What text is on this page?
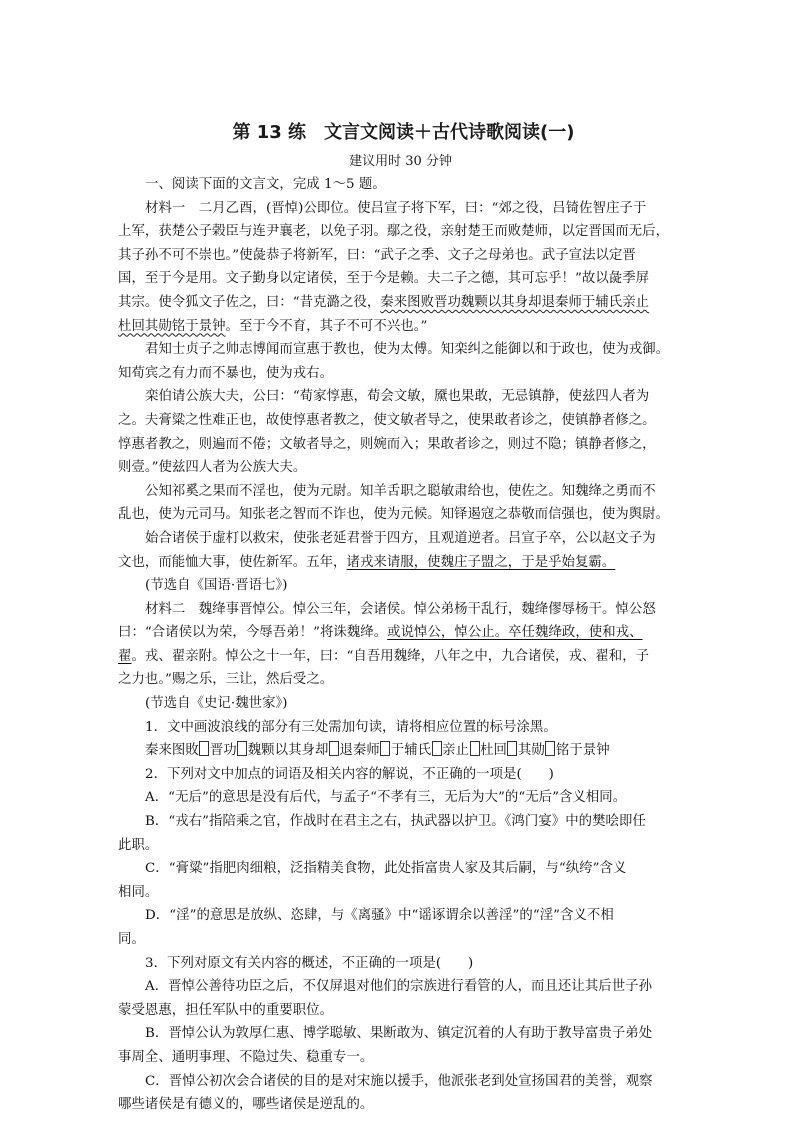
第 13 练　文言文阅读＋古代诗歌阅读(一)
建议用时 30 分钟
一、阅读下面的文言文，完成 1～5 题。
材料一　二月乙酉，(晋悼)公即位。使吕宣子将下军，曰：“郊之役，吕锜佐智庄子于
上军，获楚公子榖臣与连尹襄老，以免子羽。鄢之役，亲射楚王而败楚师，以定晋国而无后，
其子孙不可不崇也。”使彘恭子将新军，曰：“武子之季、文子之母弟也。武子宣法以定晋
国，至于今是用。文子勤身以定诸侯，至于今是赖。夫二子之德，其可忘乎！”故以彘季屏
其宗。使令狐文子佐之，曰：“昔克潞之役，秦来图败晋功魏颗以其身却退秦师于辅氏亲止
杜回其勋铭于景钟。至于今不育，其子不可不兴也。”
君知士贞子之帅志博闻而宣惠于教也，使为太傅。知栾纠之能御以和于政也，使为戎御。
知荀宾之有力而不暴也，使为戎右。
栾伯请公族大夫，公曰：“荀家惇惠，荀会文敏，黡也果敢，无忌镇静，使兹四人者为
之。夫膏粱之性难正也，故使惇惠者教之，使文敏者导之，使果敢者诊之，使镇静者修之。
惇惠者教之，则遍而不倦；文敏者导之，则婉而入；果敢者诊之，则过不隐；镇静者修之，
则壹。”使兹四人者为公族大夫。
公知祁奚之果而不淫也，使为元尉。知羊舌职之聪敏肃给也，使佐之。知魏绛之勇而不
乱也，使为元司马。知张老之智而不诈也，使为元候。知铎遏寇之恭敬而信强也，使为舆尉。
始合诸侯于虚朾以救宋，使张老延君誉于四方，且观道逆者。吕宣子卒，公以赵文子为
文也，而能恤大事，使佐新军。五年，诸戎来请服，使魏庄子盟之，于是乎始复霸。
(节选自《国语·晋语七》)
材料二　魏绛事晋悼公。悼公三年，会诸侯。悼公弟杨干乱行，魏绛僇辱杨干。悼公怒
曰：“合诸侯以为荣，今辱吾弟！”将诛魏绛。或说悼公，悼公止。卒任魏绛政，使和戎、
翟。戎、翟亲附。悼公之十一年，曰：“自吾用魏绛，八年之中，九合诸侯，戎、翟和，子
之力也。”赐之乐，三让，然后受之。
(节选自《史记·魏世家》)
1．文中画波浪线的部分有三处需加句读，请将相应位置的标号涂黑。
秦来图敗 晋功 魏颗以其身却 退秦师 于辅氏 亲止 杜回 其勋 铭于景钟
2．下列对文中加点的词语及相关内容的解说，不正确的一项是(　　)
A．“无后”的意思是没有后代，与孟子“不孝有三，无后为大”的“无后”含义相同。
B．“戎右”指陪乘之官，作战时在君主之右，执武器以护卫。《鸿门宴》中的樊哙即任
此职。
C．“膏粱”指肥肉细粮，泛指精美食物，此处指富贵人家及其后嗣，与“纨绔”含义
相同。
D．“淫”的意思是放纵、恣肆，与《离骚》中“谣诼谓余以善淫”的“淫”含义不相
同。
3．下列对原文有关内容的概述，不正确的一项是(　　)
A．晋悼公善待功臣之后，不仅屏退对他们的宗族进行看管的人，而且还让其后世子孙
蒙受恩惠，担任军队中的重要职位。
B．晋悼公认为敦厚仁惠、博学聪敏、果断敢为、镇定沉着的人有助于教导富贵子弟处
事周全、通明事理、不隐过失、稳重专一。
C．晋悼公初次会合诸侯的目的是对宋施以援手，他派张老到处宣扬国君的美誉，观察
哪些诸侯是有德义的，哪些诸侯是逆乱的。
